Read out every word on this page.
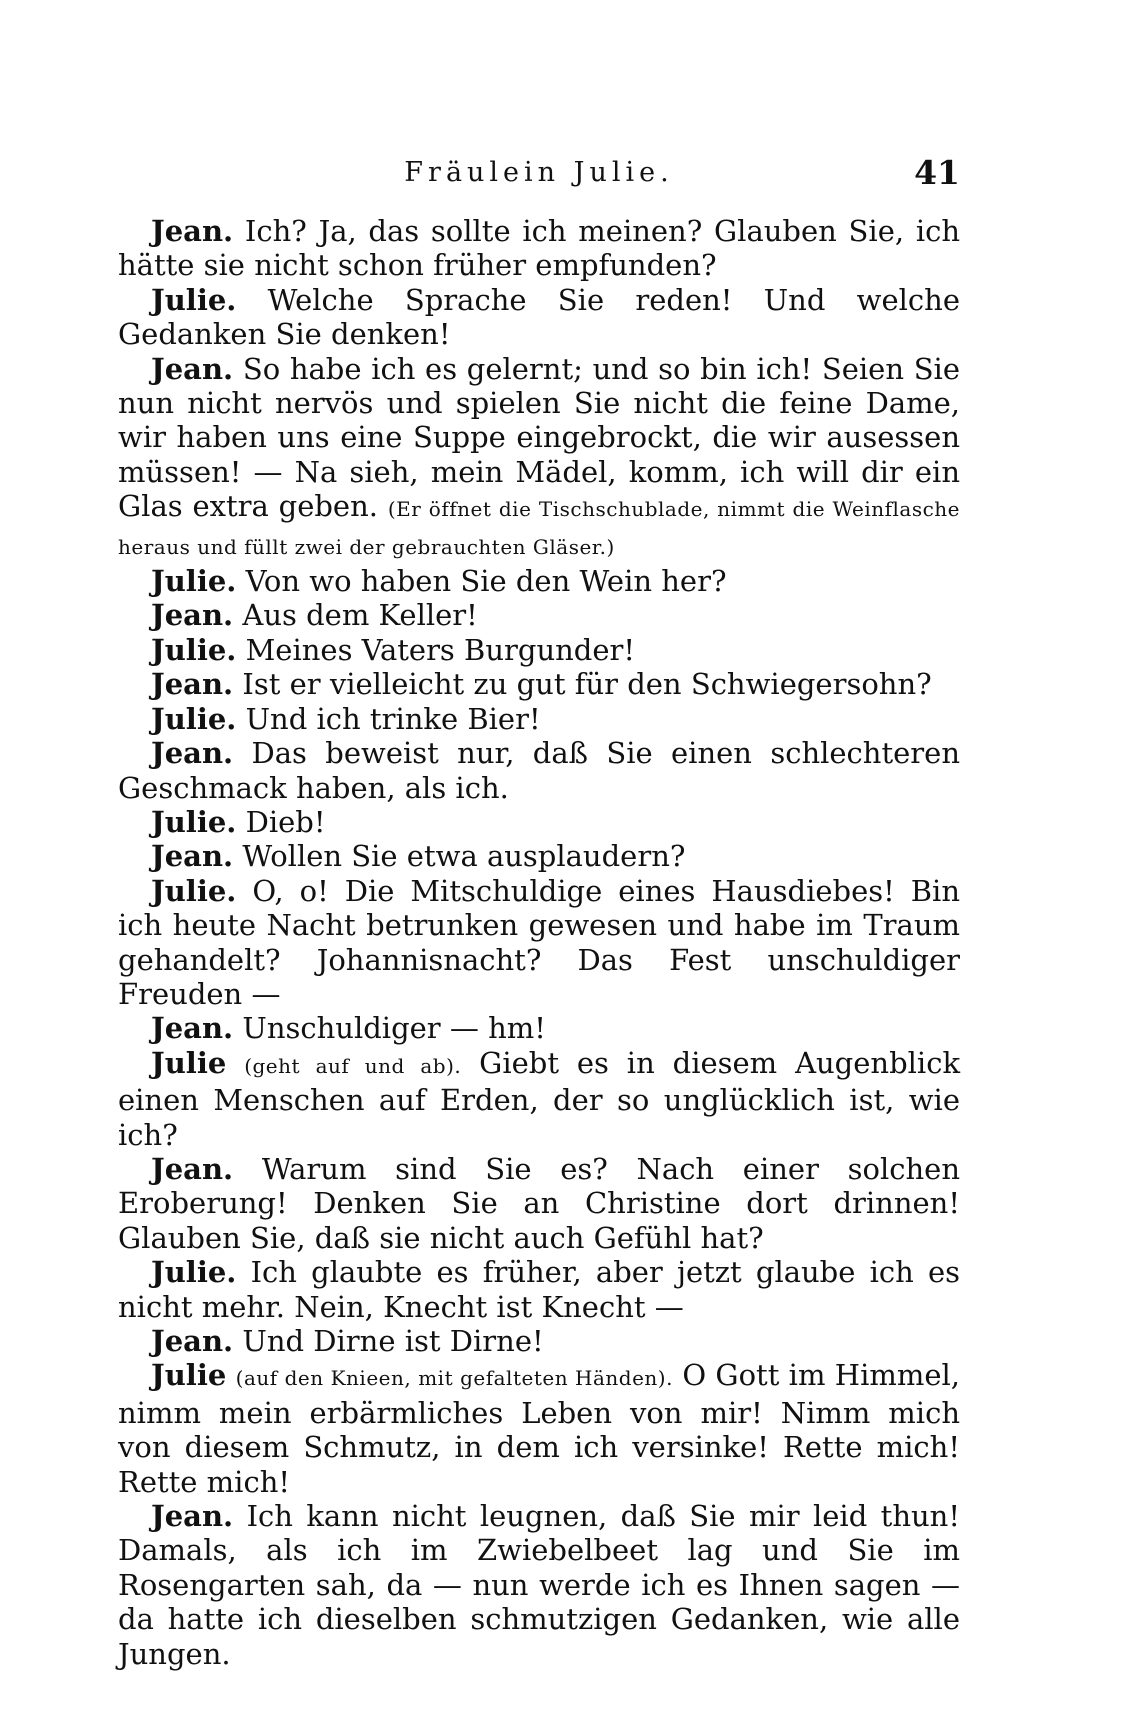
Fräulein Julie.	41

Jean. Ich? Ja, das sollte ich meinen? Glauben Sie, ich hätte sie nicht schon früher empfunden?

Julie. Welche Sprache Sie reden! Und welche Gedanken Sie denken!

Jean. So habe ich es gelernt; und so bin ich! Seien Sie nun nicht nervös und spielen Sie nicht die feine Dame, wir haben uns eine Suppe eingebrockt, die wir ausessen müssen! — Na sieh, mein Mädel, komm, ich will dir ein Glas extra geben. (Er öffnet die Tischschublade, nimmt die Weinflasche heraus und füllt zwei der gebrauchten Gläser.)

Julie. Von wo haben Sie den Wein her?

Jean. Aus dem Keller!

Julie. Meines Vaters Burgunder!

Jean. Ist er vielleicht zu gut für den Schwiegersohn?

Julie. Und ich trinke Bier!

Jean. Das beweist nur, daß Sie einen schlechteren Geschmack haben, als ich.

Julie. Dieb!

Jean. Wollen Sie etwa ausplaudern?

Julie. O, o! Die Mitschuldige eines Hausdiebes! Bin ich heute Nacht betrunken gewesen und habe im Traum gehandelt? Johannisnacht? Das Fest unschuldiger Freuden —

Jean. Unschuldiger — hm!

Julie (geht auf und ab). Giebt es in diesem Augenblick einen Menschen auf Erden, der so unglücklich ist, wie ich?

Jean. Warum sind Sie es? Nach einer solchen Eroberung! Denken Sie an Christine dort drinnen! Glauben Sie, daß sie nicht auch Gefühl hat?

Julie. Ich glaubte es früher, aber jetzt glaube ich es nicht mehr. Nein, Knecht ist Knecht —

Jean. Und Dirne ist Dirne!

Julie (auf den Knieen, mit gefalteten Händen). O Gott im Himmel, nimm mein erbärmliches Leben von mir! Nimm mich von diesem Schmutz, in dem ich versinke! Rette mich! Rette mich!

Jean. Ich kann nicht leugnen, daß Sie mir leid thun! Damals, als ich im Zwiebelbeet lag und Sie im Rosengarten sah, da — nun werde ich es Ihnen sagen — da hatte ich dieselben schmutzigen Gedanken, wie alle Jungen.
